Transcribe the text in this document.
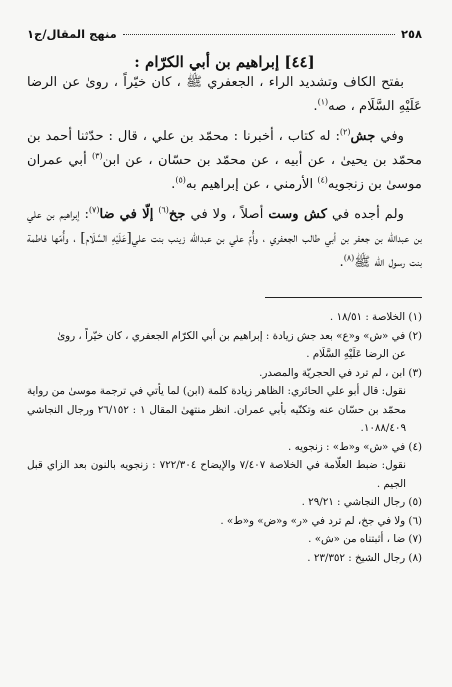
٢٥٨
منهج المقال/ج١
[٤٤] إبراهيم بن أبي الكرّام :

بفتح الكاف وتشديد الراء ، الجعفري ﷺ ، كان خيّراً ، روىٰ عن الرضا عَلَيْهِ السَّلَام ، صه$^{(١)}$.

وفي جش$^{(٢)}$: له كتاب ، أخبرنا : محمّد بن علي ، قال : حدّثنا أحمد بن محمّد بن يحيىٰ ، عن أبيه ، عن محمّد بن حسّان ، عن ابن$^{(٣)}$ أبي عمران موسىٰ بن زنجويه$^{(٤)}$ الأرمني ، عن إبراهيم به$^{(٥)}$.

ولم أجده في كش وست أصلاً ، ولا في جخ$^{(٦)}$ إلّا في ضا$^{(٧)}$: إبراهيم بن علي بن عبدالله بن جعفر بن أبي طالب الجعفري ، وأُمّ علي بن عبدالله زينب بنت علي[عَلَيْهِ السَّلَام] ، وأُمّها فاطمة بنت رسول الله ﷺ$^{(٨)}$.

(١) الخلاصة : ١٨/٥١ .

(٢) في «ش» و«ع» بعد جش زيادة : إبراهيم بن أبي الكرّام الجعفري ، كان خيّراً ، روىٰ

عن الرضا عَلَيْهِ السَّلَام .

(٣) ابن ، لم ترد في الحجريّة والمصدر.

نقول: قال أبو علي الحائري: الظاهر زيادة كلمة (ابن) لما يأتي في ترجمة موسىٰ من رواية محمّد بن حسّان عنه وتكنّيه بأبي عمران. انظر منتهىٰ المقال ١ : ٢٦/١٥٢ ورجال النجاشي ١٠٨٨/٤٠٩.

(٤) في «ش» و«ط» : زنجويه .

نقول: ضبط العلّامة في الخلاصة ٧/٤٠٧ والإيضاح ٧٢٢/٣٠٤ : زنجويه بالنون بعد الزاي قبل الجيم .

(٥) رجال النجاشي : ٢٩/٢١ .

(٦) ولا في جخ، لم ترد في «ر» و«ض» و«ط» .

(٧) ضا ، أثبتناه من «ش» .

(٨) رجال الشيخ : ٢٣/٣٥٢ .
